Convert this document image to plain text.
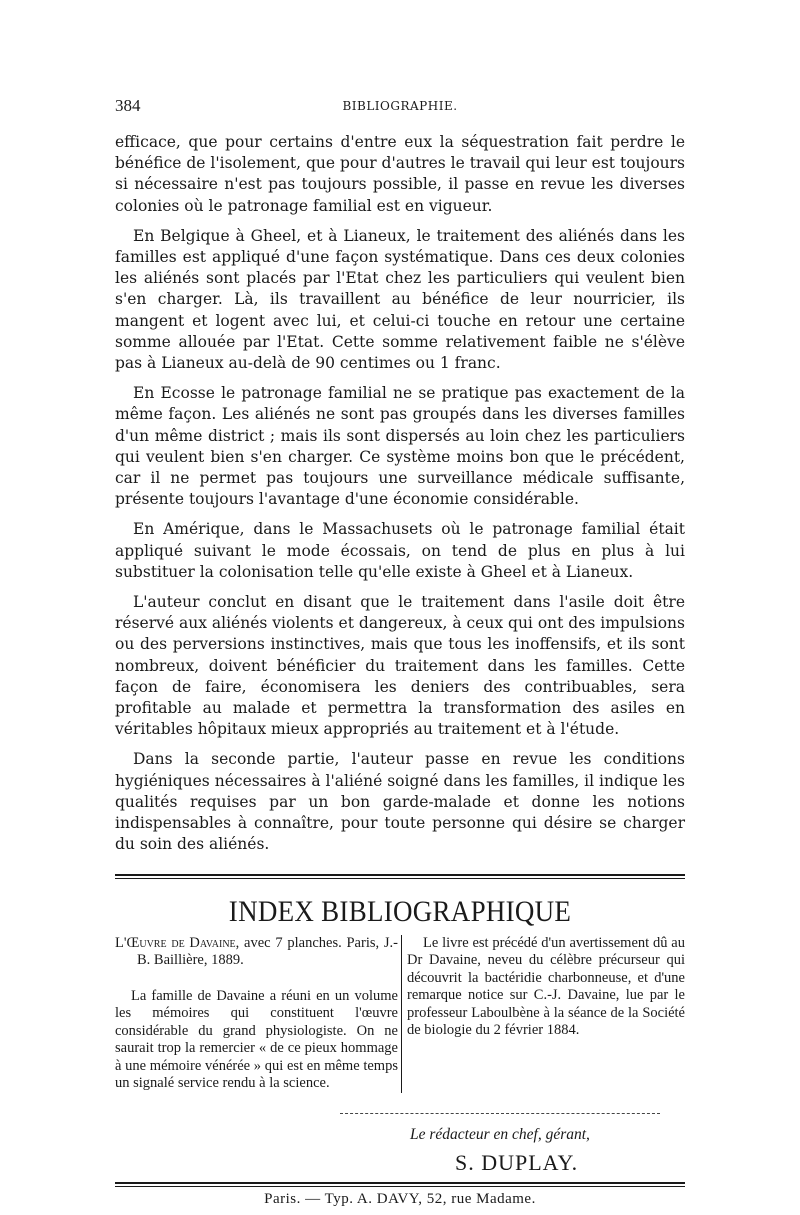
384	BIBLIOGRAPHIE.

efficace, que pour certains d'entre eux la séquestration fait perdre le bénéfice de l'isolement, que pour d'autres le travail qui leur est toujours si nécessaire n'est pas toujours possible, il passe en revue les diverses colonies où le patronage familial est en vigueur.

En Belgique à Gheel, et à Lianeux, le traitement des aliénés dans les familles est appliqué d'une façon systématique. Dans ces deux colonies les aliénés sont placés par l'Etat chez les particuliers qui veulent bien s'en charger. Là, ils travaillent au bénéfice de leur nourricier, ils mangent et logent avec lui, et celui-ci touche en retour une certaine somme allouée par l'Etat. Cette somme relativement faible ne s'élève pas à Lianeux au-delà de 90 centimes ou 1 franc.

En Ecosse le patronage familial ne se pratique pas exactement de la même façon. Les aliénés ne sont pas groupés dans les diverses familles d'un même district ; mais ils sont dispersés au loin chez les particuliers qui veulent bien s'en charger. Ce système moins bon que le précédent, car il ne permet pas toujours une surveillance médicale suffisante, présente toujours l'avantage d'une économie considérable.

En Amérique, dans le Massachusets où le patronage familial était appliqué suivant le mode écossais, on tend de plus en plus à lui substituer la colonisation telle qu'elle existe à Gheel et à Lianeux.

L'auteur conclut en disant que le traitement dans l'asile doit être réservé aux aliénés violents et dangereux, à ceux qui ont des impulsions ou des perversions instinctives, mais que tous les inoffensifs, et ils sont nombreux, doivent bénéficier du traitement dans les familles. Cette façon de faire, économisera les deniers des contribuables, sera profitable au malade et permettra la transformation des asiles en véritables hôpitaux mieux appropriés au traitement et à l'étude.

Dans la seconde partie, l'auteur passe en revue les conditions hygiéniques nécessaires à l'aliéné soigné dans les familles, il indique les qualités requises par un bon garde-malade et donne les notions indispensables à connaître, pour toute personne qui désire se charger du soin des aliénés.

INDEX BIBLIOGRAPHIQUE

L'Œuvre de Davaine, avec 7 planches. Paris, J.-B. Baillière, 1889.

La famille de Davaine a réuni en un volume les mémoires qui constituent l'œuvre considérable du grand physiologiste. On ne saurait trop la remercier « de ce pieux hommage à une mémoire vénérée » qui est en même temps un signalé service rendu à la science.

Le livre est précédé d'un avertissement dû au Dr Davaine, neveu du célèbre précurseur qui découvrit la bactéridie charbonneuse, et d'une remarque notice sur C.-J. Davaine, lue par le professeur Laboulbène à la séance de la Société de biologie du 2 février 1884.

Le rédacteur en chef, gérant,
S. DUPLAY.
Paris. — Typ. A. DAVY, 52, rue Madame.
